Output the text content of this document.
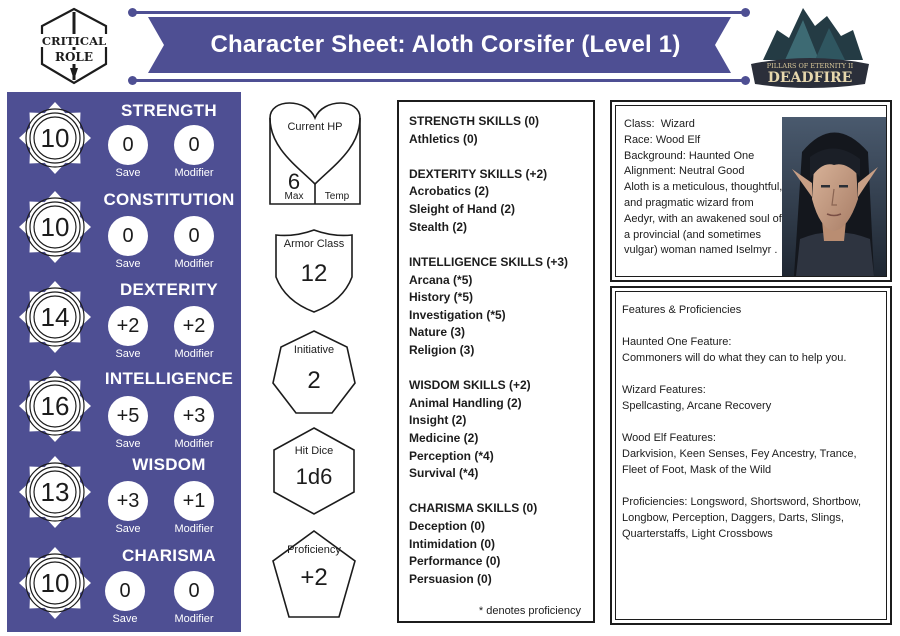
CRITICAL
ROLE	Character Sheet: Aloth Corsifer (Level 1)
PILLARS OF ETERNITY II
DEADFIRE
10
STRENGTH
0	0
Save	Modifier
10
CONSTITUTION
0	0
Save	Modifier
14
DEXTERITY
+2	+2
Save	Modifier
16
INTELLIGENCE
+5	+3
Save	Modifier
13
WISDOM
+3	+1
Save	Modifier
10
CHARISMA
0	0
Save	Modifier
Current HP
6
Max	Temp
Armor Class
12
Initiative
2
Hit Dice
1d6
Proficiency
+2
STRENGTH SKILLS (0)
Athletics (0)
DEXTERITY SKILLS (+2)
Acrobatics (2)
Sleight of Hand (2)
Stealth (2)
INTELLIGENCE SKILLS (+3)
Arcana (*5)
History (*5)
Investigation (*5)
Nature (3)
Religion (3)
WISDOM SKILLS (+2)
Animal Handling (2)
Insight (2)
Medicine (2)
Perception (*4)
Survival (*4)
CHARISMA SKILLS (0)
Deception (0)
Intimidation (0)
Performance (0)
Persuasion (0)
* denotes proficiency
Class: Wizard
Race: Wood Elf
Background: Haunted One
Alignment: Neutral Good
Aloth is a meticulous, thoughtful, and pragmatic wizard from Aedyr, with an awakened soul of a provincial (and sometimes vulgar) woman named Iselmyr .
Features & Proficiencies
Haunted One Feature:
Commoners will do what they can to help you.
Wizard Features:
Spellcasting, Arcane Recovery
Wood Elf Features:
Darkvision, Keen Senses, Fey Ancestry, Trance, Fleet of Foot, Mask of the Wild
Proficiencies: Longsword, Shortsword, Shortbow, Longbow, Perception, Daggers, Darts, Slings, Quarterstaffs, Light Crossbows
